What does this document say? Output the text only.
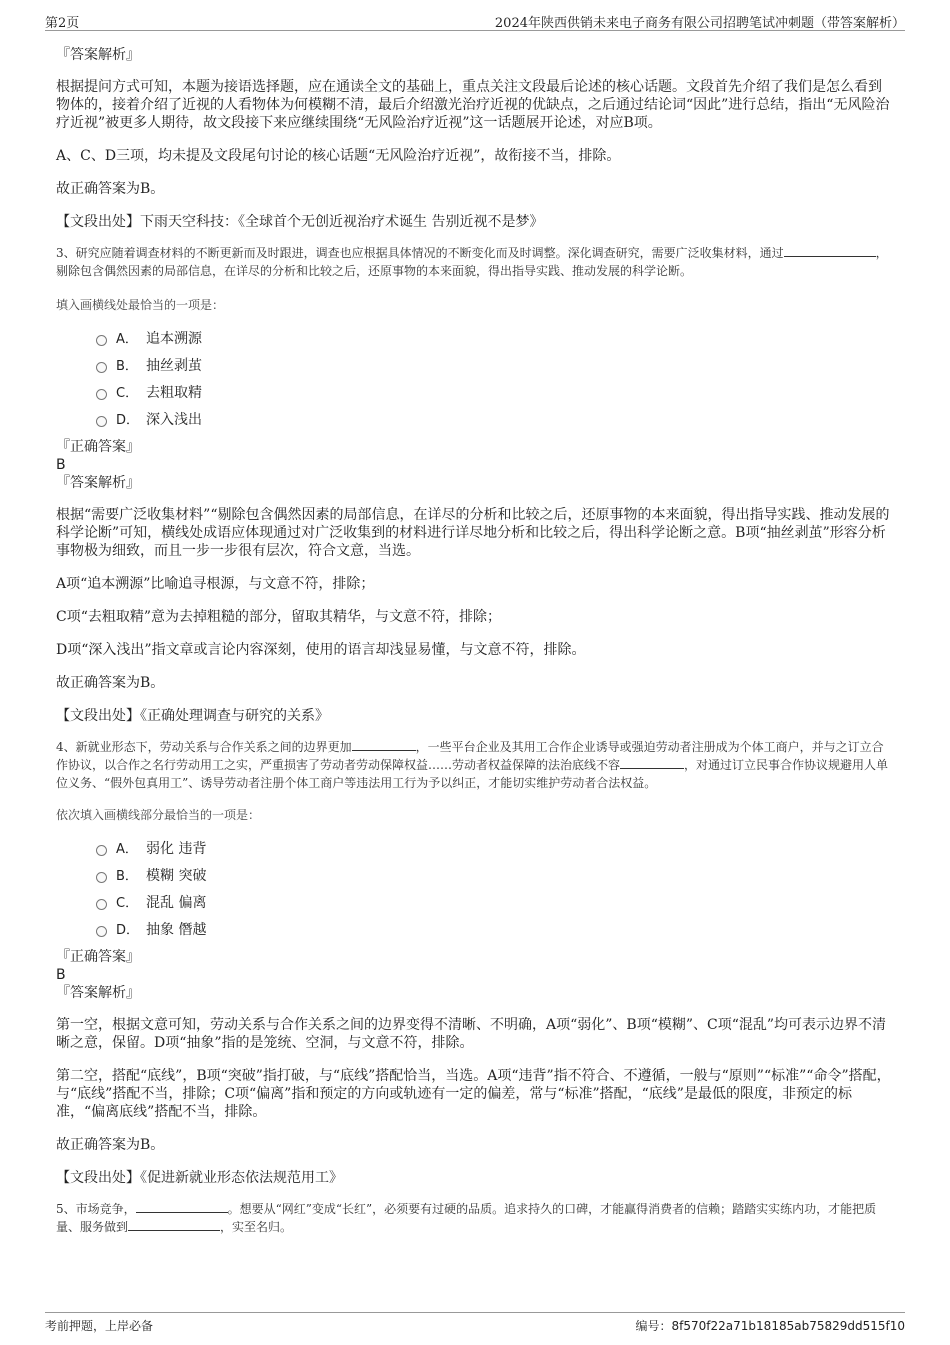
第2页	2024年陕西供销未来电子商务有限公司招聘笔试冲刺题（带答案解析）

『答案解析』

根据提问方式可知，本题为接语选择题，应在通读全文的基础上，重点关注文段最后论述的核心话题。文段首先介绍了我们是怎么看到物体的，接着介绍了近视的人看物体为何模糊不清，最后介绍激光治疗近视的优缺点，之后通过结论词“因此”进行总结，指出“无风险治疗近视”被更多人期待，故文段接下来应继续围绕“无风险治疗近视”这一话题展开论述，对应B项。

A、C、D三项，均未提及文段尾句讨论的核心话题“无风险治疗近视”，故衔接不当，排除。

故正确答案为B。

【文段出处】下雨天空科技：《全球首个无创近视治疗术诞生 告别近视不是梦》

3、研究应随着调查材料的不断更新而及时跟进，调查也应根据具体情况的不断变化而及时调整。深化调查研究，需要广泛收集材料，通过	，剔除包含偶然因素的局部信息，在详尽的分析和比较之后，还原事物的本来面貌，得出指导实践、推动发展的科学论断。

填入画横线处最恰当的一项是：

A． 追本溯源
B． 抽丝剥茧
C． 去粗取精
D． 深入浅出

『正确答案』

B

『答案解析』

根据“需要广泛收集材料”“剔除包含偶然因素的局部信息，在详尽的分析和比较之后，还原事物的本来面貌，得出指导实践、推动发展的科学论断”可知，横线处成语应体现通过对广泛收集到的材料进行详尽地分析和比较之后，得出科学论断之意。B项“抽丝剥茧”形容分析事物极为细致，而且一步一步很有层次，符合文意，当选。

A项“追本溯源”比喻追寻根源，与文意不符，排除；

C项“去粗取精”意为去掉粗糙的部分，留取其精华，与文意不符，排除；

D项“深入浅出”指文章或言论内容深刻，使用的语言却浅显易懂，与文意不符，排除。

故正确答案为B。

【文段出处】《正确处理调查与研究的关系》

4、新就业形态下，劳动关系与合作关系之间的边界更加	，一些平台企业及其用工合作企业诱导或强迫劳动者注册成为个体工商户，并与之订立合作协议，以合作之名行劳动用工之实，严重损害了劳动者劳动保障权益……劳动者权益保障的法治底线不容	，对通过订立民事合作协议规避用人单位义务、“假外包真用工”、诱导劳动者注册个体工商户等违法用工行为予以纠正，才能切实维护劳动者合法权益。

依次填入画横线部分最恰当的一项是：

A． 弱化 违背
B． 模糊 突破
C． 混乱 偏离
D． 抽象 僭越

『正确答案』

B

『答案解析』

第一空，根据文意可知，劳动关系与合作关系之间的边界变得不清晰、不明确，A项“弱化”、B项“模糊”、C项“混乱”均可表示边界不清晰之意，保留。D项“抽象”指的是笼统、空洞，与文意不符，排除。

第二空，搭配“底线”，B项“突破”指打破，与“底线”搭配恰当，当选。A项“违背”指不符合、不遵循，一般与“原则”“标准”“命令”搭配，与“底线”搭配不当，排除；C项“偏离”指和预定的方向或轨迹有一定的偏差，常与“标准”搭配，“底线”是最低的限度，非预定的标准，“偏离底线”搭配不当，排除。

故正确答案为B。

【文段出处】《促进新就业形态依法规范用工》

5、市场竞争，	。想要从“网红”变成“长红”，必须要有过硬的品质。追求持久的口碑，才能赢得消费者的信赖；踏踏实实练内功，才能把质量、服务做到	，实至名归。

考前押题，上岸必备	编号：8f570f22a71b18185ab75829dd515f10
